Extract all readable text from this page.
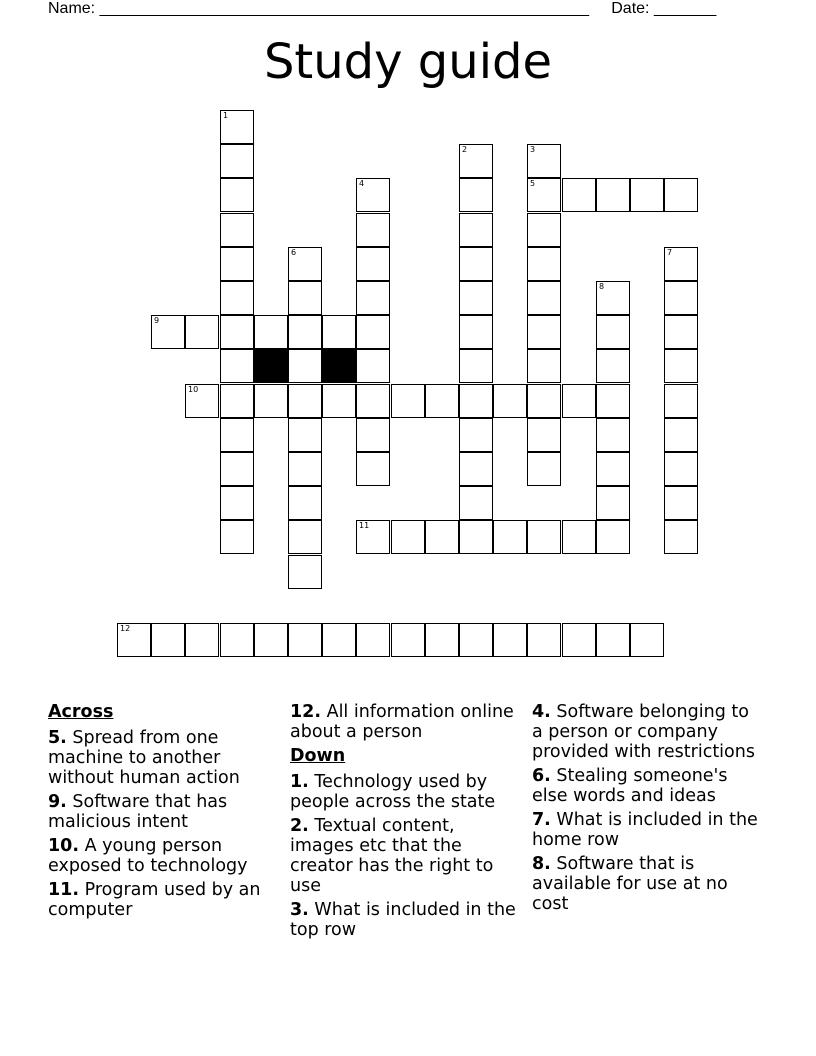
Name: _______________________________________________________ Date: _______
Study guide
1
2	3
5
4
6	7
8
9
10
11
12
Across
5. Spread from one machine to another without human action
9. Software that has malicious intent
10. A young person exposed to technology
11. Program used by an computer
12. All information online about a person
Down
1. Technology used by people across the state
2. Textual content, images etc that the creator has the right to use
3. What is included in the top row
4. Software belonging to a person or company provided with restrictions
6. Stealing someone's else words and ideas
7. What is included in the home row
8. Software that is available for use at no cost
